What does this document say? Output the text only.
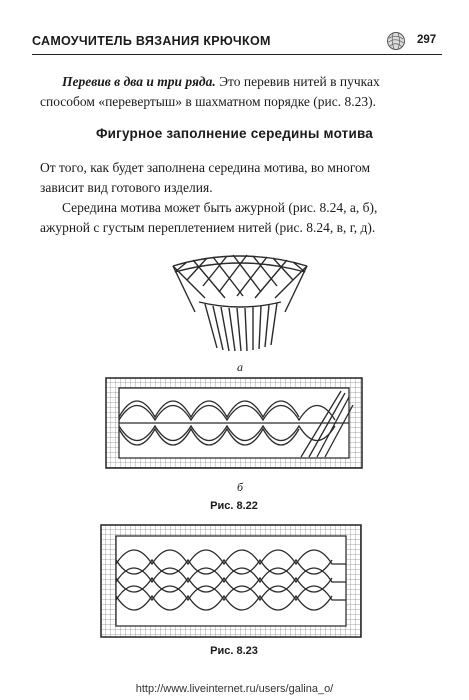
САМОУЧИТЕЛЬ ВЯЗАНИЯ КРЮЧКОМ	297

Перевив в два и три ряда. Это перевив нитей в пучках

способом «перевертыш» в шахматном порядке (рис. 8.23).

Фигурное заполнение середины мотива

От того, как будет заполнена середина мотива, во многом

зависит вид готового изделия.

Середина мотива может быть ажурной (рис. 8.24, а, б),

ажурной с густым переплетением нитей (рис. 8.24, в, г, д).

а
б
Рис. 8.22
Рис. 8.23
http://www.liveinternet.ru/users/galina_o/
